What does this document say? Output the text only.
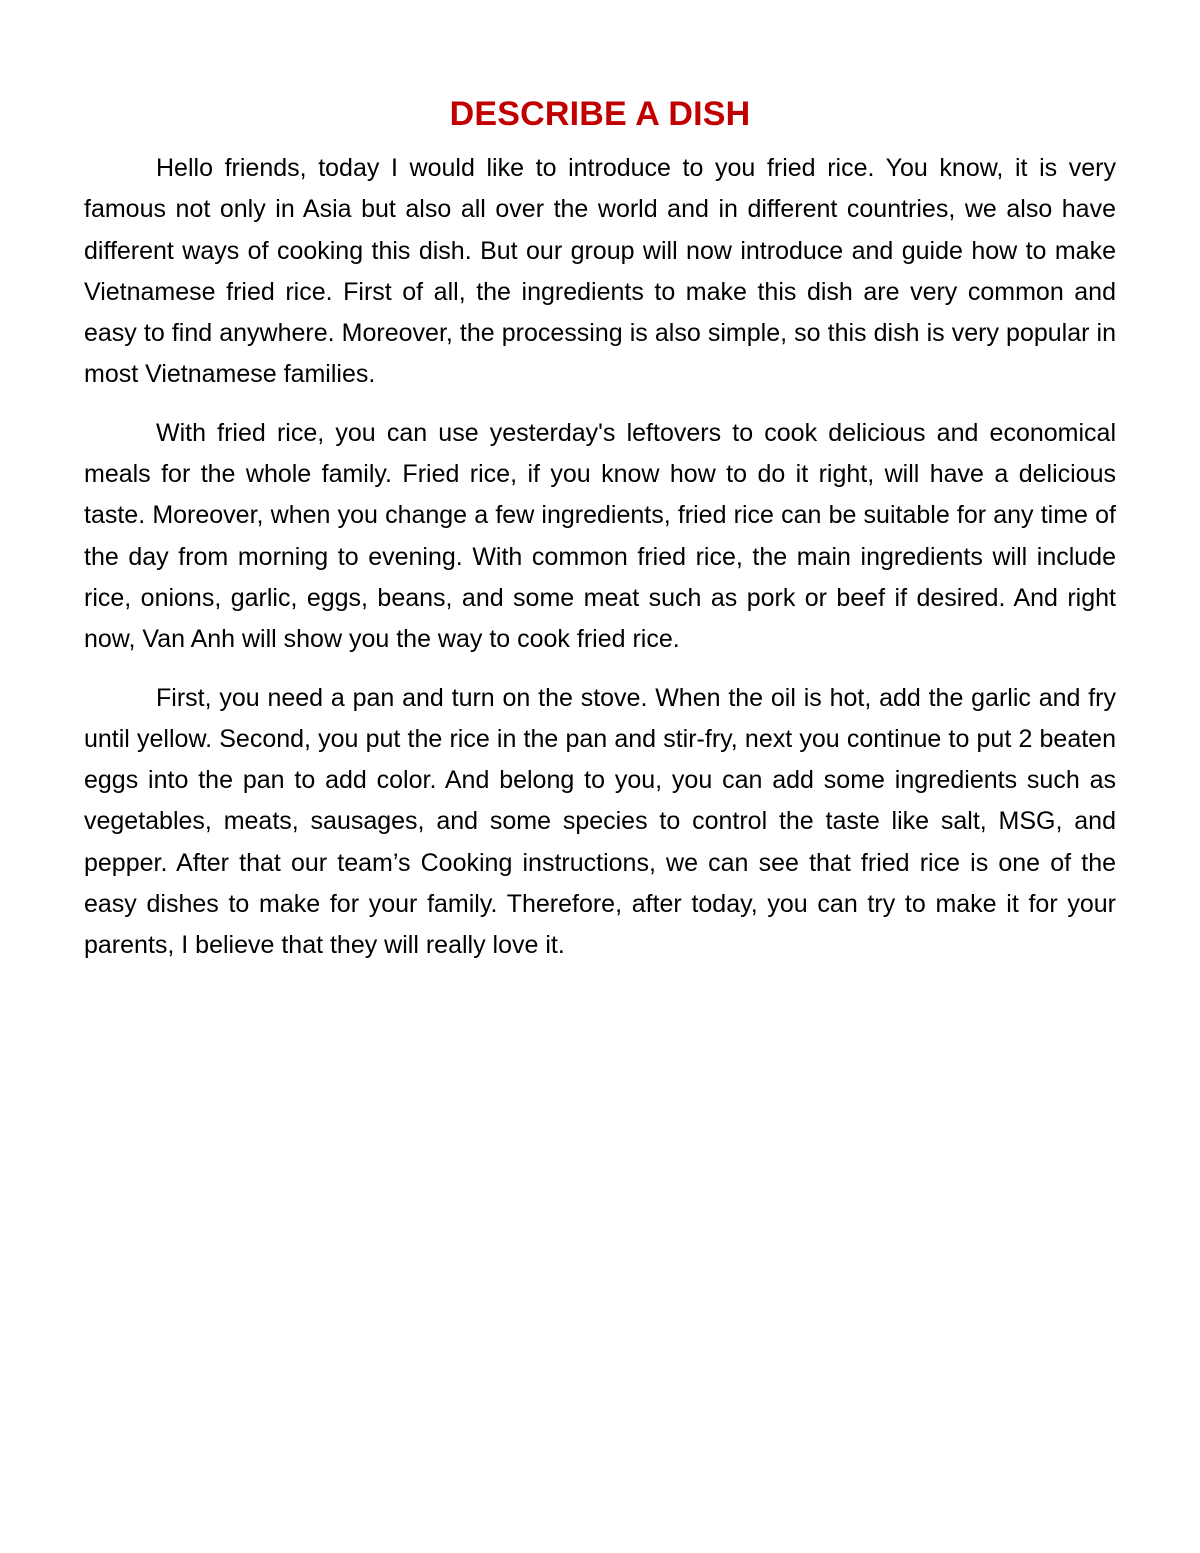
DESCRIBE A DISH

Hello friends, today I would like to introduce to you fried rice. You know, it is very famous not only in Asia but also all over the world and in different countries, we also have different ways of cooking this dish. But our group will now introduce and guide how to make Vietnamese fried rice. First of all, the ingredients to make this dish are very common and easy to find anywhere. Moreover, the processing is also simple, so this dish is very popular in most Vietnamese families.

With fried rice, you can use yesterday's leftovers to cook delicious and economical meals for the whole family. Fried rice, if you know how to do it right, will have a delicious taste. Moreover, when you change a few ingredients, fried rice can be suitable for any time of the day from morning to evening. With common fried rice, the main ingredients will include rice, onions, garlic, eggs, beans, and some meat such as pork or beef if desired. And right now, Van Anh will show you the way to cook fried rice.

First, you need a pan and turn on the stove. When the oil is hot, add the garlic and fry until yellow. Second, you put the rice in the pan and stir-fry, next you continue to put 2 beaten eggs into the pan to add color. And belong to you, you can add some ingredients such as vegetables, meats, sausages, and some species to control the taste like salt, MSG, and pepper. After that our team’s Cooking instructions, we can see that fried rice is one of the easy dishes to make for your family. Therefore, after today, you can try to make it for your parents, I believe that they will really love it.
